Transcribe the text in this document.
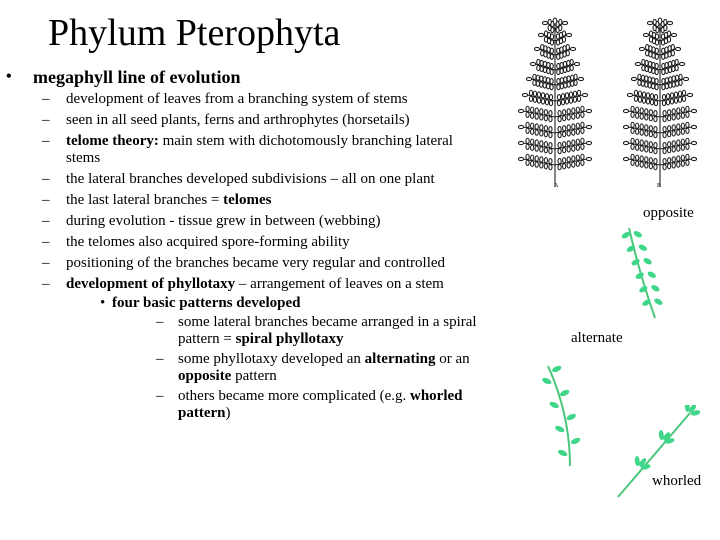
Phylum Pterophyta
• megaphyll line of evolution
– development of leaves from a branching system of stems
– seen in all seed plants, ferns and arthrophytes (horsetails)
– telome theory: main stem with dichotomously branching lateral stems
– the lateral branches developed subdivisions – all on one plant
– the last lateral branches = telomes
– during evolution - tissue grew in between (webbing)
– the telomes also acquired spore-forming ability
– positioning of the branches became very regular and controlled
– development of phyllotaxy – arrangement of leaves on a stem
• four basic patterns developed
– some lateral branches became arranged in a spiral pattern = spiral phyllotaxy
– some phyllotaxy developed an alternating or an opposite pattern
– others became more complicated (e.g. whorled pattern)
A	B
opposite
alternate
whorled
